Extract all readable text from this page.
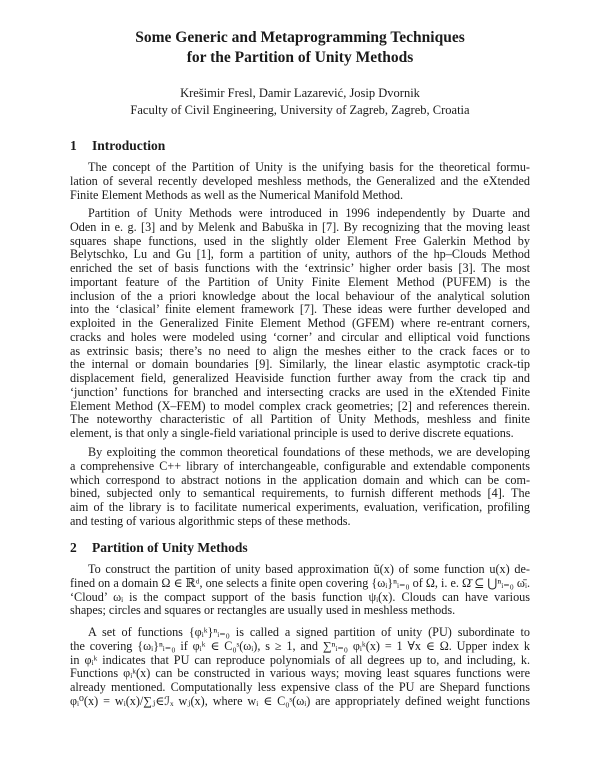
Some Generic and Metaprogramming Techniques
for the Partition of Unity Methods
Krešimir Fresl, Damir Lazarević, Josip Dvornik
Faculty of Civil Engineering, University of Zagreb, Zagreb, Croatia
1 Introduction
The concept of the Partition of Unity is the unifying basis for the theoretical formu-
lation of several recently developed meshless methods, the Generalized and the eXtended
Finite Element Methods as well as the Numerical Manifold Method.
Partition of Unity Methods were introduced in 1996 independently by Duarte and
Oden in e. g. [3] and by Melenk and Babuška in [7]. By recognizing that the moving least
squares shape functions, used in the slightly older Element Free Galerkin Method by
Belytschko, Lu and Gu [1], form a partition of unity, authors of the hp–Clouds Method
enriched the set of basis functions with the ‘extrinsic’ higher order basis [3]. The most
important feature of the Partition of Unity Finite Element Method (PUFEM) is the
inclusion of the a priori knowledge about the local behaviour of the analytical solution
into the ‘clasical’ finite element framework [7]. These ideas were further developed and
exploited in the Generalized Finite Element Method (GFEM) where re-entrant corners,
cracks and holes were modeled using ‘corner’ and circular and elliptical void functions
as extrinsic basis; there’s no need to align the meshes either to the crack faces or to
the internal or domain boundaries [9]. Similarly, the linear elastic asymptotic crack-tip
displacement field, generalized Heaviside function further away from the crack tip and
‘junction’ functions for branched and intersecting cracks are used in the eXtended Finite
Element Method (X–FEM) to model complex crack geometries; [2] and references therein.
The noteworthy characteristic of all Partition of Unity Methods, meshless and finite
element, is that only a single-field variational principle is used to derive discrete equations.
By exploiting the common theoretical foundations of these methods, we are developing
a comprehensive C++ library of interchangeable, configurable and extendable components
which correspond to abstract notions in the application domain and which can be com-
bined, subjected only to semantical requirements, to furnish different methods [4]. The
aim of the library is to facilitate numerical experiments, evaluation, verification, profiling
and testing of various algorithmic steps of these methods.
2 Partition of Unity Methods
To construct the partition of unity based approximation ũ(x) of some function u(x) de-
fined on a domain Ω ∈ ℝᵈ, one selects a finite open covering {ωᵢ}ⁿᵢ₌₀ of Ω, i. e. Ω̄ ⊆ ⋃ⁿᵢ₌₀ ω̄ᵢ.
‘Cloud’ ωᵢ is the compact support of the basis function ψᵢ(x). Clouds can have various
shapes; circles and squares or rectangles are usually used in meshless methods.
A set of functions {φᵢᵏ}ⁿᵢ₌₀ is called a signed partition of unity (PU) subordinate to
the covering {ωᵢ}ⁿᵢ₌₀ if φᵢᵏ ∈ C₀ˢ(ωᵢ), s ≥ 1, and ∑ⁿᵢ₌₀ φᵢᵏ(x) = 1 ∀x ∈ Ω. Upper index k
in φᵢᵏ indicates that PU can reproduce polynomials of all degrees up to, and including, k.
Functions φᵢᵏ(x) can be constructed in various ways; moving least squares functions were
already mentioned. Computationally less expensive class of the PU are Shepard functions
φᵢ⁰(x) = wᵢ(x)/∑ⱼ∈ℐₓ wⱼ(x), where wᵢ ∈ C₀ˢ(ωᵢ) are appropriately defined weight functions
